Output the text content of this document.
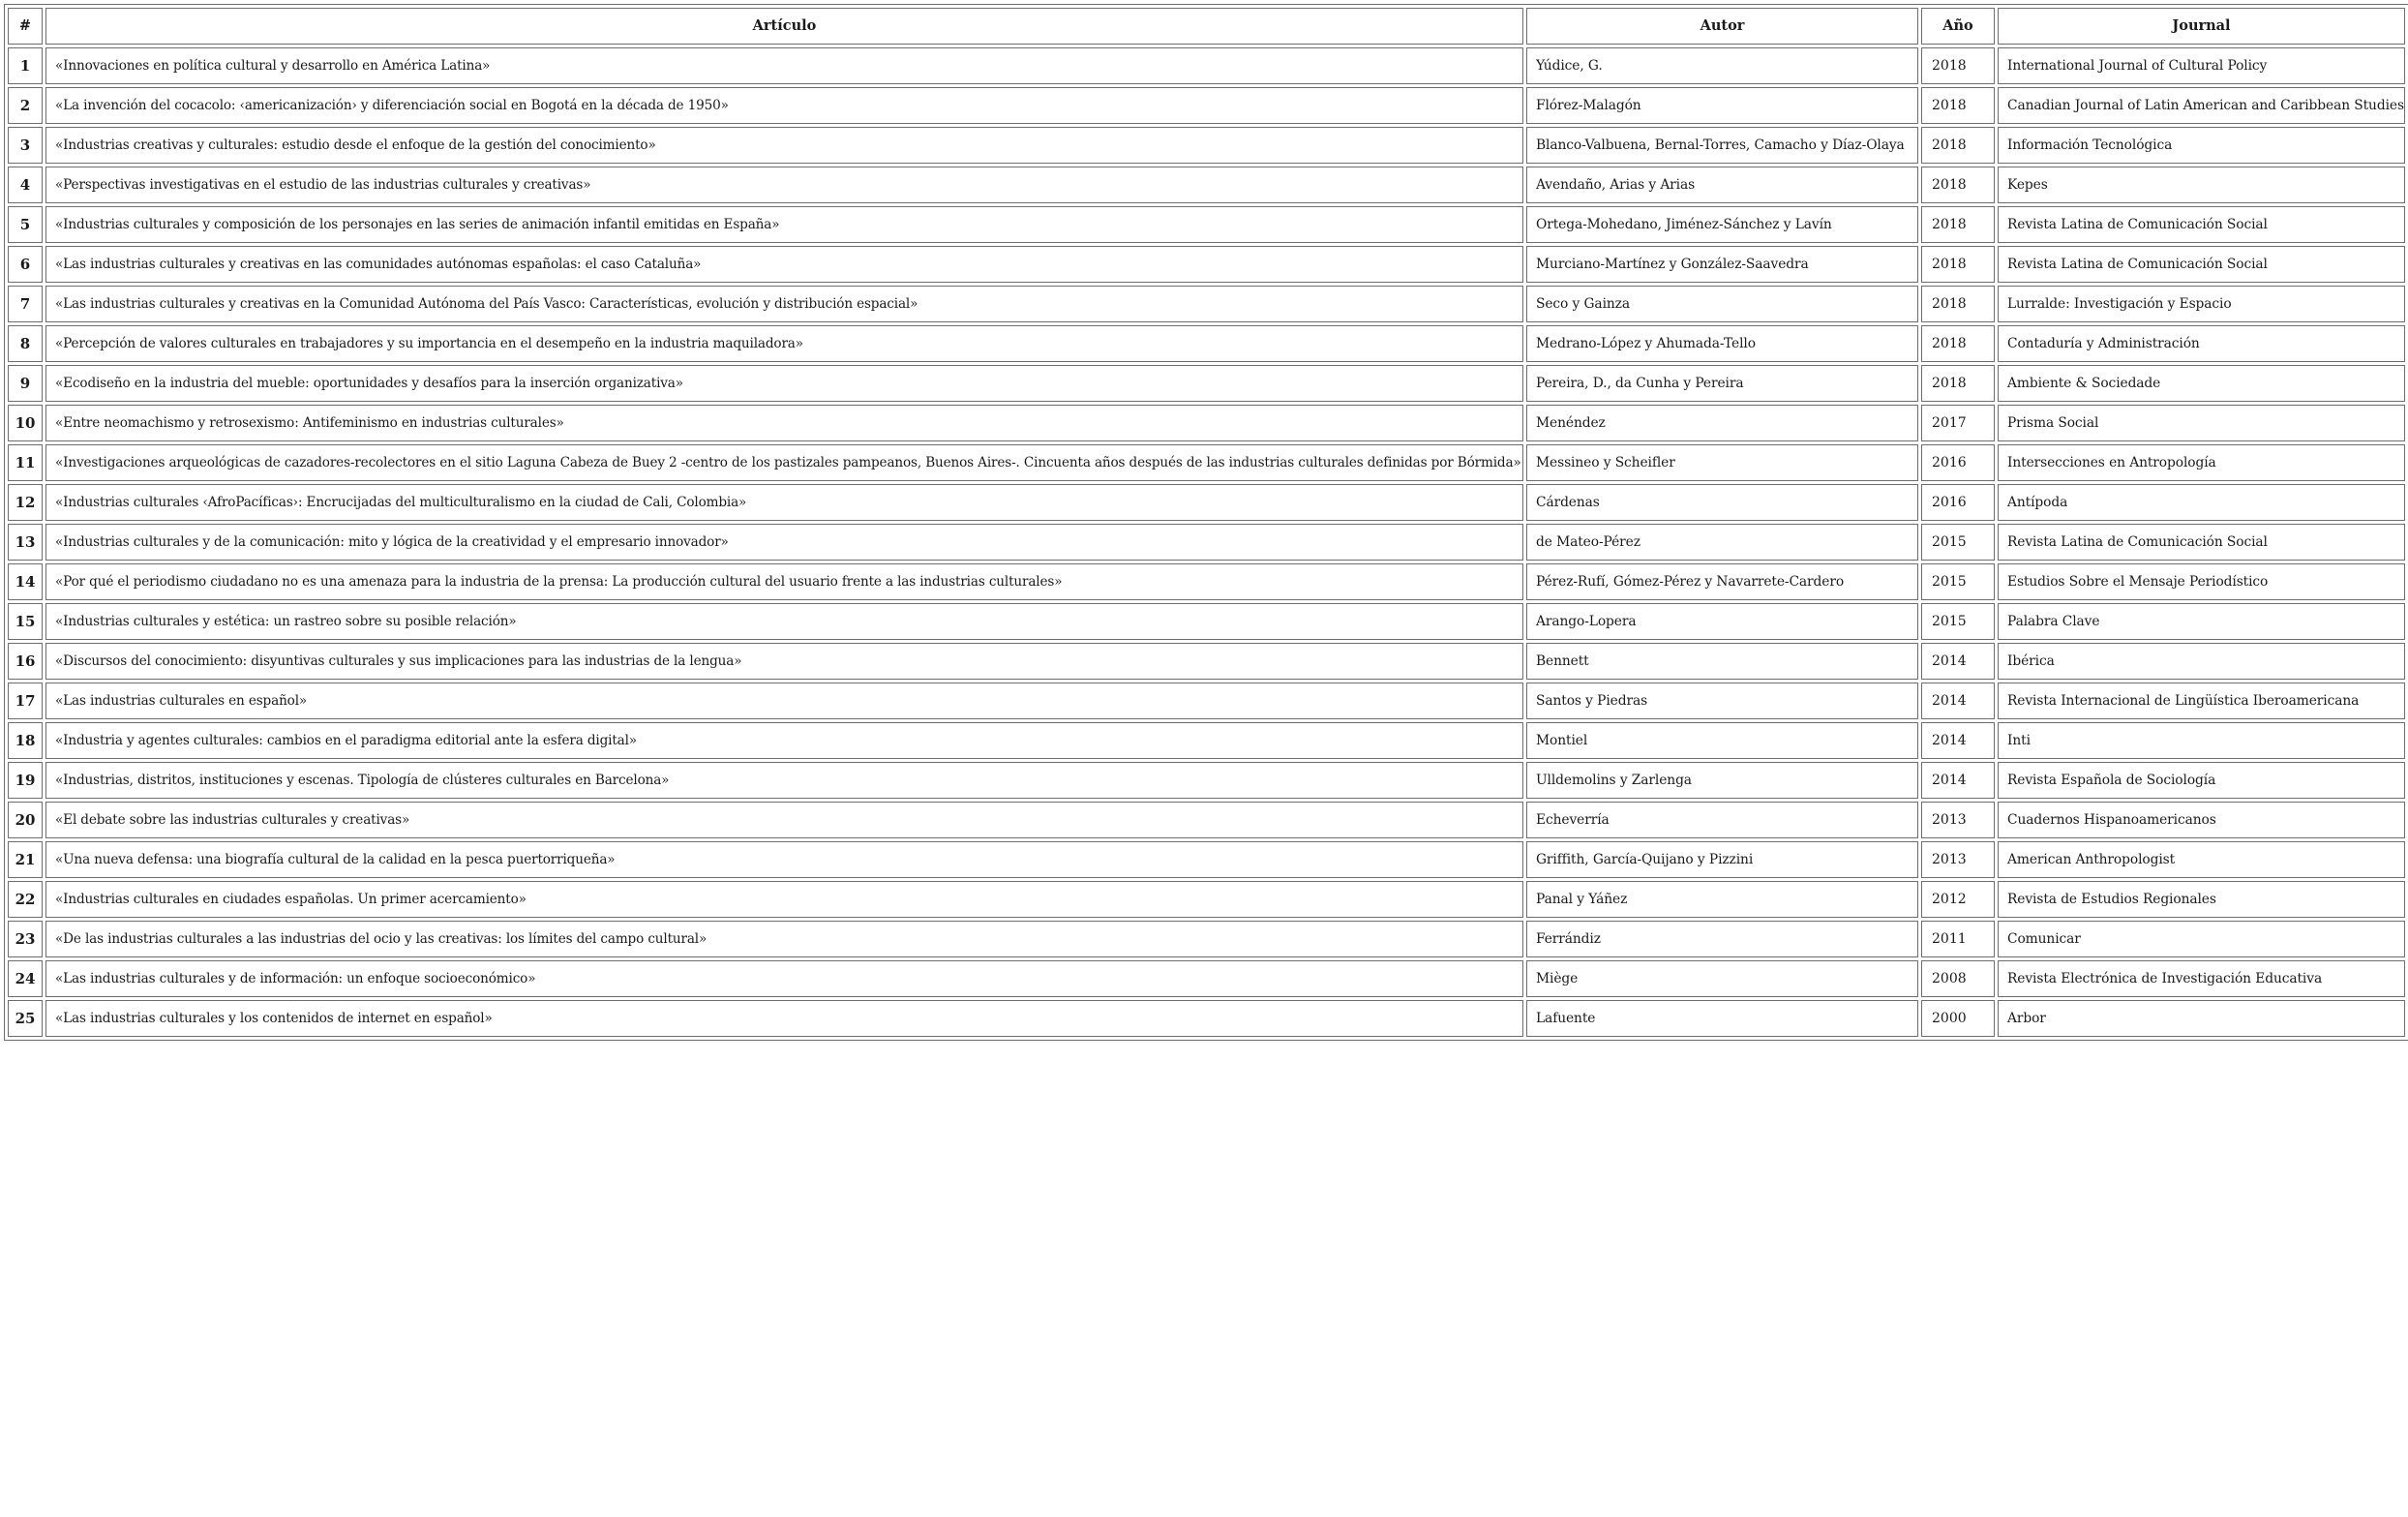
#	Artículo	Autor	Año	Journal
1	«Innovaciones en política cultural y desarrollo en América Latina»	Yúdice, G.	2018	International Journal of Cultural Policy
2	«La invención del cocacolo: ‹americanización› y diferenciación social en Bogotá en la década de 1950»	Flórez-Malagón	2018	Canadian Journal of Latin American and Caribbean Studies
3	«Industrias creativas y culturales: estudio desde el enfoque de la gestión del conocimiento»	Blanco-Valbuena, Bernal-Torres, Camacho y Díaz-Olaya	2018	Información Tecnológica
4	«Perspectivas investigativas en el estudio de las industrias culturales y creativas»	Avendaño, Arias y Arias	2018	Kepes
5	«Industrias culturales y composición de los personajes en las series de animación infantil emitidas en España»	Ortega-Mohedano, Jiménez-Sánchez y Lavín	2018	Revista Latina de Comunicación Social
6	«Las industrias culturales y creativas en las comunidades autónomas españolas: el caso Cataluña»	Murciano-Martínez y González-Saavedra	2018	Revista Latina de Comunicación Social
7	«Las industrias culturales y creativas en la Comunidad Autónoma del País Vasco: Características, evolución y distribución espacial»	Seco y Gainza	2018	Lurralde: Investigación y Espacio
8	«Percepción de valores culturales en trabajadores y su importancia en el desempeño en la industria maquiladora»	Medrano-López y Ahumada-Tello	2018	Contaduría y Administración
9	«Ecodiseño en la industria del mueble: oportunidades y desafíos para la inserción organizativa»	Pereira, D., da Cunha y Pereira	2018	Ambiente & Sociedade
10	«Entre neomachismo y retrosexismo: Antifeminismo en industrias culturales»	Menéndez	2017	Prisma Social
11	«Investigaciones arqueológicas de cazadores-recolectores en el sitio Laguna Cabeza de Buey 2 -centro de los pastizales pampeanos, Buenos Aires-. Cincuenta años después de las industrias culturales definidas por Bórmida»	Messineo y Scheifler	2016	Intersecciones en Antropología
12	«Industrias culturales ‹AfroPacíficas›: Encrucijadas del multiculturalismo en la ciudad de Cali, Colombia»	Cárdenas	2016	Antípoda
13	«Industrias culturales y de la comunicación: mito y lógica de la creatividad y el empresario innovador»	de Mateo-Pérez	2015	Revista Latina de Comunicación Social
14	«Por qué el periodismo ciudadano no es una amenaza para la industria de la prensa: La producción cultural del usuario frente a las industrias culturales»	Pérez-Rufí, Gómez-Pérez y Navarrete-Cardero	2015	Estudios Sobre el Mensaje Periodístico
15	«Industrias culturales y estética: un rastreo sobre su posible relación»	Arango-Lopera	2015	Palabra Clave
16	«Discursos del conocimiento: disyuntivas culturales y sus implicaciones para las industrias de la lengua»	Bennett	2014	Ibérica
17	«Las industrias culturales en español»	Santos y Piedras	2014	Revista Internacional de Lingüística Iberoamericana
18	«Industria y agentes culturales: cambios en el paradigma editorial ante la esfera digital»	Montiel	2014	Inti
19	«Industrias, distritos, instituciones y escenas. Tipología de clústeres culturales en Barcelona»	Ulldemolins y Zarlenga	2014	Revista Española de Sociología
20	«El debate sobre las industrias culturales y creativas»	Echeverría	2013	Cuadernos Hispanoamericanos
21	«Una nueva defensa: una biografía cultural de la calidad en la pesca puertorriqueña»	Griffith, García-Quijano y Pizzini	2013	American Anthropologist
22	«Industrias culturales en ciudades españolas. Un primer acercamiento»	Panal y Yáñez	2012	Revista de Estudios Regionales
23	«De las industrias culturales a las industrias del ocio y las creativas: los límites del campo cultural»	Ferrándiz	2011	Comunicar
24	«Las industrias culturales y de información: un enfoque socioeconómico»	Miège	2008	Revista Electrónica de Investigación Educativa
25	«Las industrias culturales y los contenidos de internet en español»	Lafuente	2000	Arbor
